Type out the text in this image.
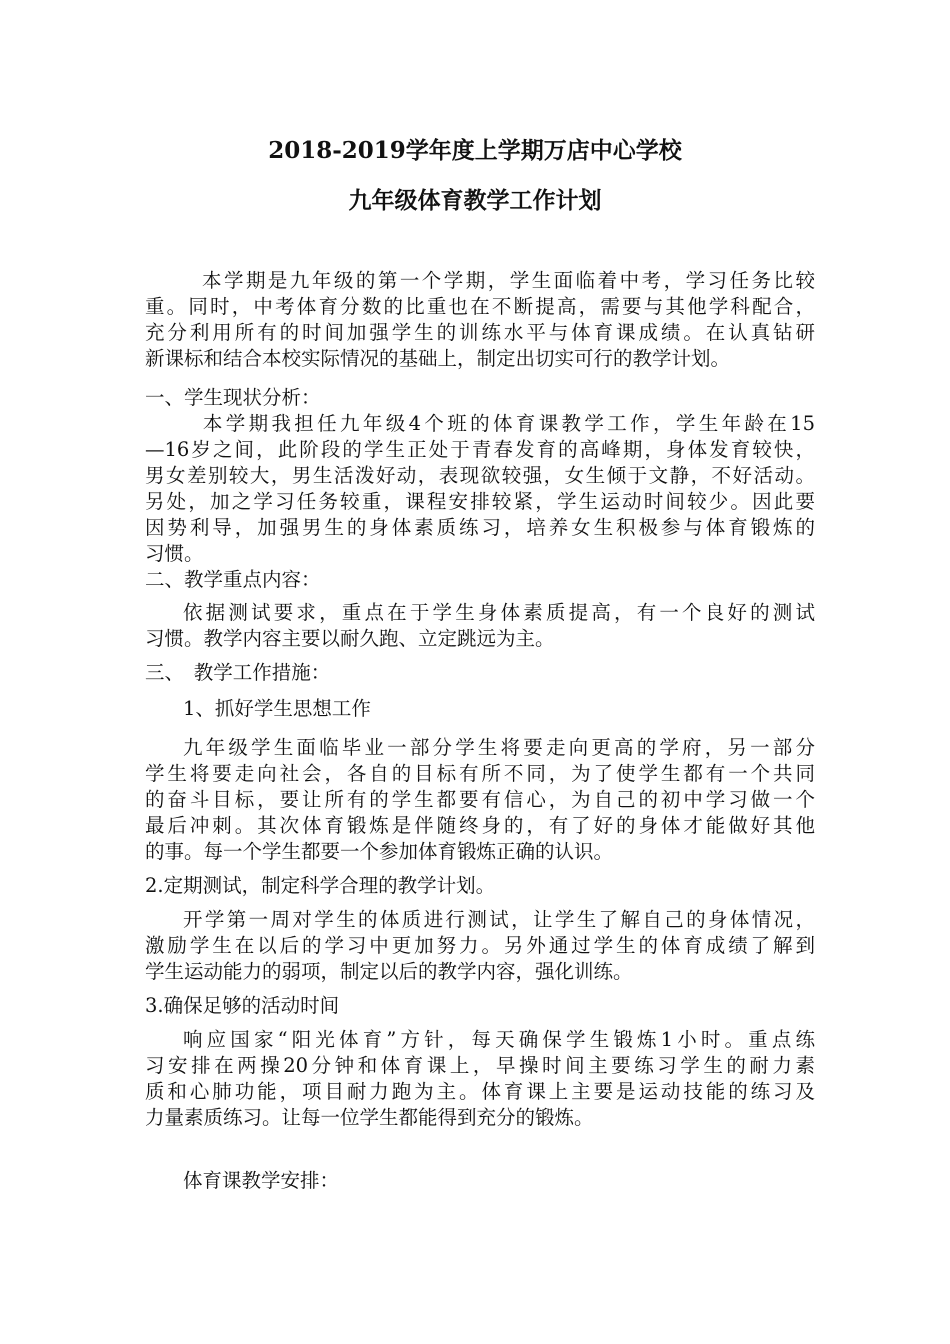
2018-2019学年度上学期万店中心学校
九年级体育教学工作计划
　本学期是九年级的第一个学期，学生面临着中考，学习任务比较
重。同时，中考体育分数的比重也在不断提高，需要与其他学科配合，
充分利用所有的时间加强学生的训练水平与体育课成绩。在认真钻研
新课标和结合本校实际情况的基础上，制定出切实可行的教学计划。
一、学生现状分析：
　本学期我担任九年级4个班的体育课教学工作，学生年龄在15
—16岁之间，此阶段的学生正处于青春发育的高峰期，身体发育较快，
男女差别较大，男生活泼好动，表现欲较强，女生倾于文静，不好活动。
另处，加之学习任务较重，课程安排较紧，学生运动时间较少。因此要
因势利导，加强男生的身体素质练习，培养女生积极参与体育锻炼的
习惯。
二、教学重点内容：
依据测试要求，重点在于学生身体素质提高，有一个良好的测试
习惯。教学内容主要以耐久跑、立定跳远为主。
三、　教学工作措施：
1、抓好学生思想工作
九年级学生面临毕业一部分学生将要走向更高的学府，另一部分
学生将要走向社会，各自的目标有所不同，为了使学生都有一个共同
的奋斗目标，要让所有的学生都要有信心，为自己的初中学习做一个
最后冲刺。其次体育锻炼是伴随终身的，有了好的身体才能做好其他
的事。每一个学生都要一个参加体育锻炼正确的认识。
2.定期测试，制定科学合理的教学计划。
开学第一周对学生的体质进行测试，让学生了解自己的身体情况，
激励学生在以后的学习中更加努力。另外通过学生的体育成绩了解到
学生运动能力的弱项，制定以后的教学内容，强化训练。
3.确保足够的活动时间
响应国家“阳光体育”方针，每天确保学生锻炼1小时。重点练
习安排在两操20分钟和体育课上，早操时间主要练习学生的耐力素
质和心肺功能，项目耐力跑为主。体育课上主要是运动技能的练习及
力量素质练习。让每一位学生都能得到充分的锻炼。
体育课教学安排：
